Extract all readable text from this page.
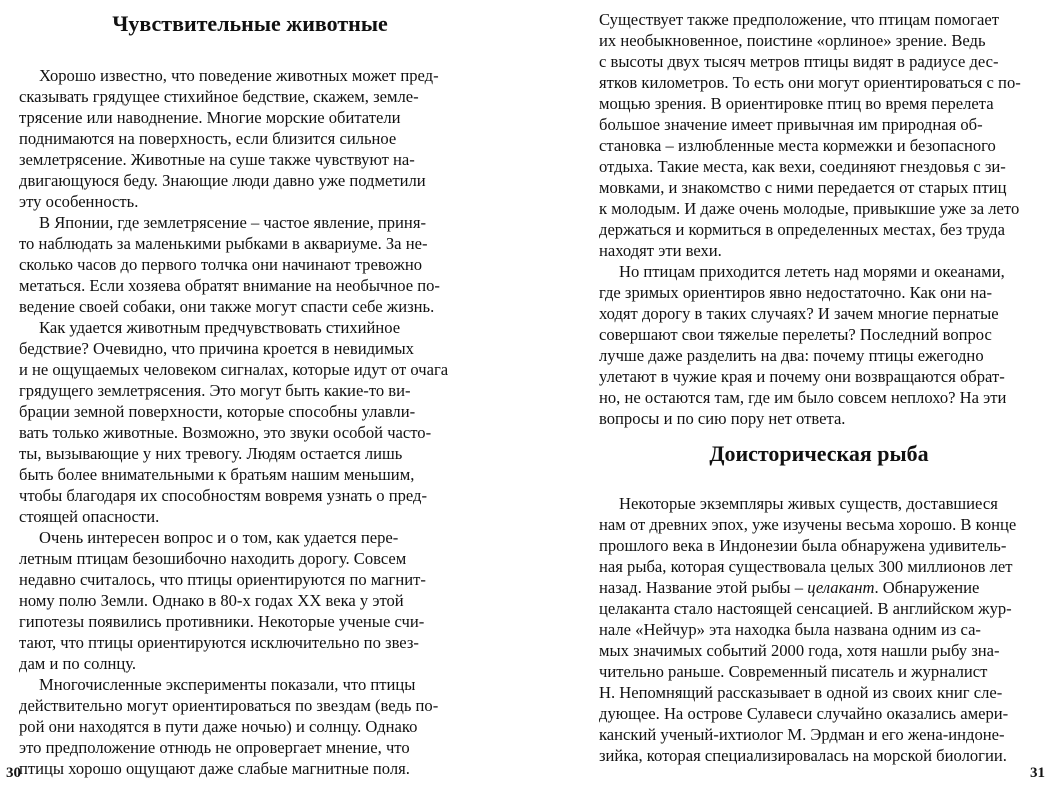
Чувствительные животные
Хорошо известно, что поведение животных может пред-
сказывать грядущее стихийное бедствие, скажем, земле-
трясение или наводнение. Многие морские обитатели
поднимаются на поверхность, если близится сильное
землетрясение. Животные на суше также чувствуют на-
двигающуюся беду. Знающие люди давно уже подметили
эту особенность.
В Японии, где землетрясение – частое явление, приня-
то наблюдать за маленькими рыбками в аквариуме. За не-
сколько часов до первого толчка они начинают тревожно
метаться. Если хозяева обратят внимание на необычное по-
ведение своей собаки, они также могут спасти себе жизнь.
Как удается животным предчувствовать стихийное
бедствие? Очевидно, что причина кроется в невидимых
и не ощущаемых человеком сигналах, которые идут от очага
грядущего землетрясения. Это могут быть какие-то ви-
брации земной поверхности, которые способны улавли-
вать только животные. Возможно, это звуки особой часто-
ты, вызывающие у них тревогу. Людям остается лишь
быть более внимательными к братьям нашим меньшим,
чтобы благодаря их способностям вовремя узнать о пред-
стоящей опасности.
Очень интересен вопрос и о том, как удается пере-
летным птицам безошибочно находить дорогу. Совсем
недавно считалось, что птицы ориентируются по магнит-
ному полю Земли. Однако в 80-х годах XX века у этой
гипотезы появились противники. Некоторые ученые счи-
тают, что птицы ориентируются исключительно по звез-
дам и по солнцу.
Многочисленные эксперименты показали, что птицы
действительно могут ориентироваться по звездам (ведь по-
рой они находятся в пути даже ночью) и солнцу. Однако
это предположение отнюдь не опровергает мнение, что
птицы хорошо ощущают даже слабые магнитные поля.
30
Существует также предположение, что птицам помогает
их необыкновенное, поистине «орлиное» зрение. Ведь
с высоты двух тысяч метров птицы видят в радиусе дес-
ятков километров. То есть они могут ориентироваться с по-
мощью зрения. В ориентировке птиц во время перелета
большое значение имеет привычная им природная об-
становка – излюбленные места кормежки и безопасного
отдыха. Такие места, как вехи, соединяют гнездовья с зи-
мовками, и знакомство с ними передается от старых птиц
к молодым. И даже очень молодые, привыкшие уже за лето
держаться и кормиться в определенных местах, без труда
находят эти вехи.
Но птицам приходится лететь над морями и океанами,
где зримых ориентиров явно недостаточно. Как они на-
ходят дорогу в таких случаях? И зачем многие пернатые
совершают свои тяжелые перелеты? Последний вопрос
лучше даже разделить на два: почему птицы ежегодно
улетают в чужие края и почему они возвращаются обрат-
но, не остаются там, где им было совсем неплохо? На эти
вопросы и по сию пору нет ответа.
Доисторическая рыба
Некоторые экземпляры живых существ, доставшиеся
нам от древних эпох, уже изучены весьма хорошо. В конце
прошлого века в Индонезии была обнаружена удивитель-
ная рыба, которая существовала целых 300 миллионов лет
назад. Название этой рыбы – целакант. Обнаружение
целаканта стало настоящей сенсацией. В английском жур-
нале «Нейчур» эта находка была названа одним из са-
мых значимых событий 2000 года, хотя нашли рыбу зна-
чительно раньше. Современный писатель и журналист
Н. Непомнящий рассказывает в одной из своих книг сле-
дующее. На острове Сулавеси случайно оказались амери-
канский ученый-ихтиолог М. Эрдман и его жена-индоне-
зийка, которая специализировалась на морской биологии.
31
